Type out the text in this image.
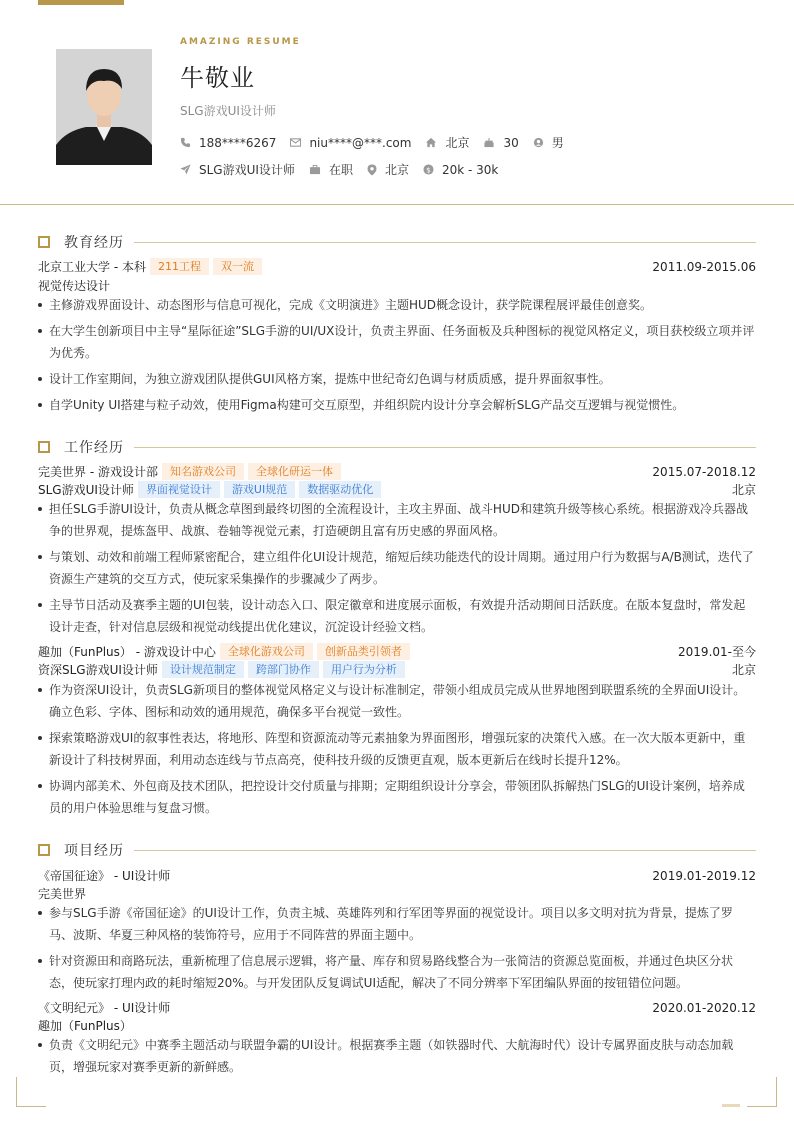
AMAZING RESUME
牛敬业
SLG游戏UI设计师
188****6267	niu****@***.com	北京	30	男
SLG游戏UI设计师	在职	北京 $ 20k - 30k
教育经历
北京工业大学 - 本科	211工程	双一流	2011.09-2015.06
视觉传达设计
主修游戏界面设计、动态图形与信息可视化，完成《文明演进》主题HUD概念设计，获学院课程展评最佳创意奖。
在大学生创新项目中主导“星际征途”SLG手游的UI/UX设计，负责主界面、任务面板及兵种图标的视觉风格定义，项目获校级立项并评为优秀。
设计工作室期间，为独立游戏团队提供GUI风格方案，提炼中世纪奇幻色调与材质质感，提升界面叙事性。
自学Unity UI搭建与粒子动效，使用Figma构建可交互原型，并组织院内设计分享会解析SLG产品交互逻辑与视觉惯性。
工作经历
完美世界 - 游戏设计部	知名游戏公司	全球化研运一体	2015.07-2018.12
SLG游戏UI设计师	界面视觉设计	游戏UI规范	数据驱动优化	北京
担任SLG手游UI设计，负责从概念草图到最终切图的全流程设计，主攻主界面、战斗HUD和建筑升级等核心系统。根据游戏冷兵器战争的世界观，提炼盔甲、战旗、卷轴等视觉元素，打造硬朗且富有历史感的界面风格。
与策划、动效和前端工程师紧密配合，建立组件化UI设计规范，缩短后续功能迭代的设计周期。通过用户行为数据与A/B测试，迭代了资源生产建筑的交互方式，使玩家采集操作的步骤减少了两步。
主导节日活动及赛季主题的UI包装，设计动态入口、限定徽章和进度展示面板，有效提升活动期间日活跃度。在版本复盘时，常发起设计走查，针对信息层级和视觉动线提出优化建议，沉淀设计经验文档。
趣加（FunPlus） - 游戏设计中心	全球化游戏公司	创新品类引领者	2019.01-至今
资深SLG游戏UI设计师	设计规范制定	跨部门协作	用户行为分析	北京
作为资深UI设计，负责SLG新项目的整体视觉风格定义与设计标准制定，带领小组成员完成从世界地图到联盟系统的全界面UI设计。确立色彩、字体、图标和动效的通用规范，确保多平台视觉一致性。
探索策略游戏UI的叙事性表达，将地形、阵型和资源流动等元素抽象为界面图形，增强玩家的决策代入感。在一次大版本更新中，重新设计了科技树界面，利用动态连线与节点高亮，使科技升级的反馈更直观，版本更新后在线时长提升12%。
协调内部美术、外包商及技术团队，把控设计交付质量与排期；定期组织设计分享会，带领团队拆解热门SLG的UI设计案例，培养成员的用户体验思维与复盘习惯。
项目经历
《帝国征途》 - UI设计师	2019.01-2019.12
完美世界
参与SLG手游《帝国征途》的UI设计工作，负责主城、英雄阵列和行军团等界面的视觉设计。项目以多文明对抗为背景，提炼了罗马、波斯、华夏三种风格的装饰符号，应用于不同阵营的界面主题中。
针对资源田和商路玩法，重新梳理了信息展示逻辑，将产量、库存和贸易路线整合为一张简洁的资源总览面板，并通过色块区分状态，使玩家打理内政的耗时缩短20%。与开发团队反复调试UI适配，解决了不同分辨率下军团编队界面的按钮错位问题。
《文明纪元》 - UI设计师	2020.01-2020.12
趣加（FunPlus）
负责《文明纪元》中赛季主题活动与联盟争霸的UI设计。根据赛季主题（如铁器时代、大航海时代）设计专属界面皮肤与动态加载页，增强玩家对赛季更新的新鲜感。
